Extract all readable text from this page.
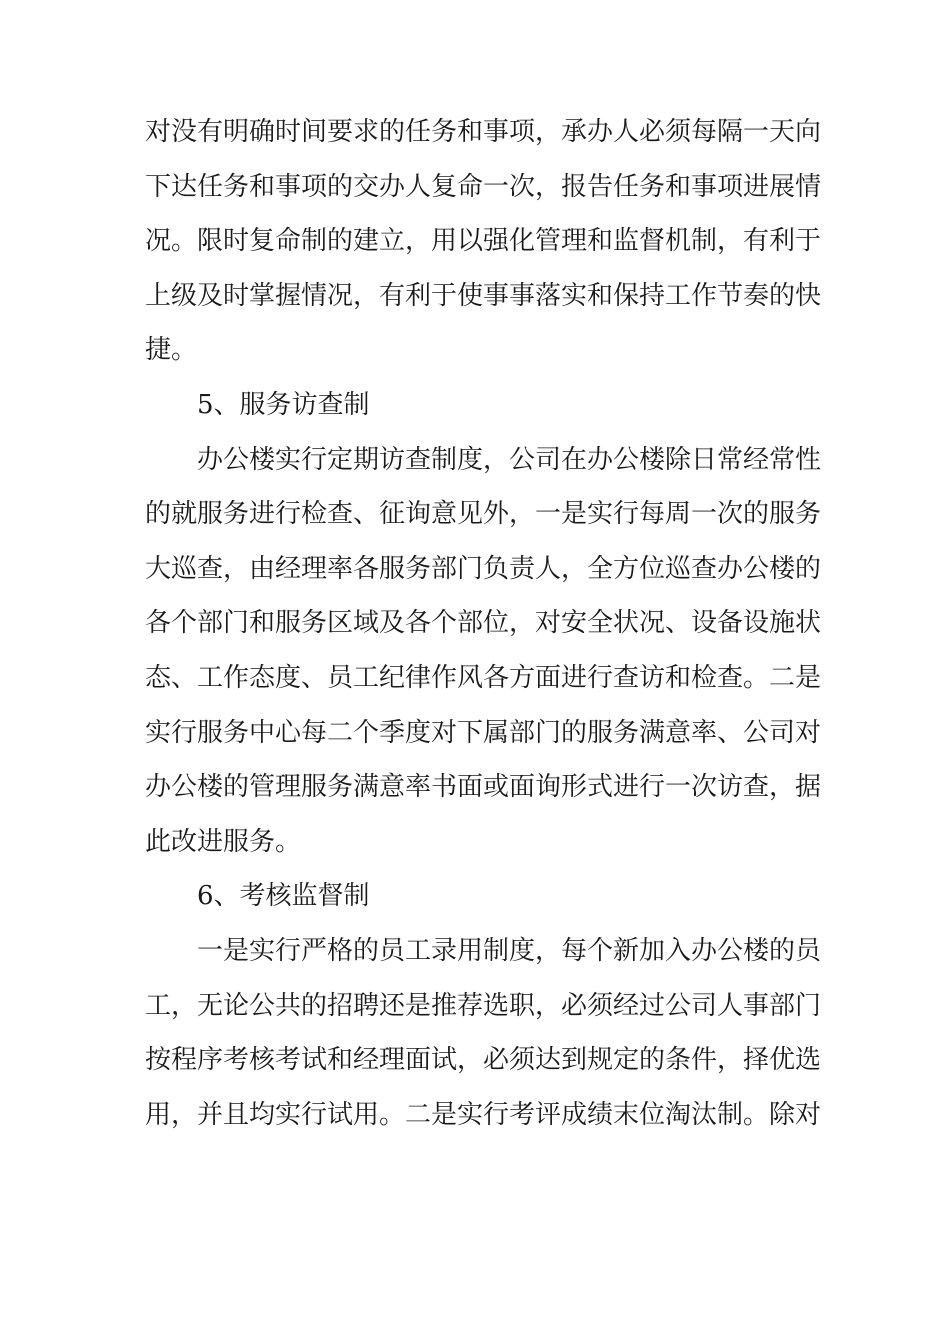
对没有明确时间要求的任务和事项，承办人必须每隔一天向
下达任务和事项的交办人复命一次，报告任务和事项进展情
况。限时复命制的建立，用以强化管理和监督机制，有利于
上级及时掌握情况，有利于使事事落实和保持工作节奏的快
捷。
5、服务访查制
办公楼实行定期访查制度，公司在办公楼除日常经常性
的就服务进行检查、征询意见外，一是实行每周一次的服务
大巡查，由经理率各服务部门负责人，全方位巡查办公楼的
各个部门和服务区域及各个部位，对安全状况、设备设施状
态、工作态度、员工纪律作风各方面进行查访和检查。二是
实行服务中心每二个季度对下属部门的服务满意率、公司对
办公楼的管理服务满意率书面或面询形式进行一次访查，据
此改进服务。
6、考核监督制
一是实行严格的员工录用制度，每个新加入办公楼的员
工，无论公共的招聘还是推荐选职，必须经过公司人事部门
按程序考核考试和经理面试，必须达到规定的条件，择优选
用，并且均实行试用。二是实行考评成绩末位淘汰制。除对
